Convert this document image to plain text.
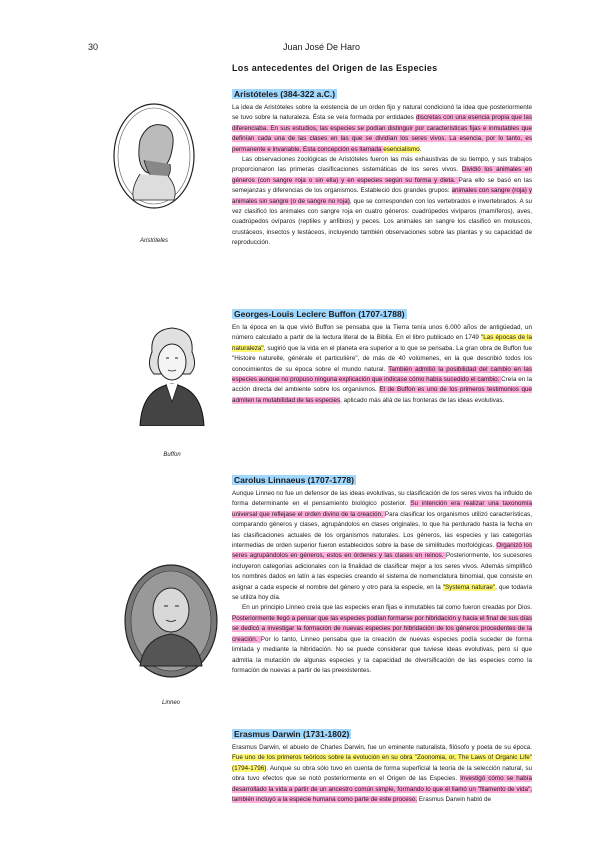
30	Juan José De Haro
Los antecedentes del Origen de las Especies
Aristóteles
Aristóteles (384-322 a.C.)

La idea de Aristóteles sobre la existencia de un orden fijo y natural condicionó la idea que posteriormente se tuvo sobre la naturaleza. Ésta se veía formada por entidades discretas con una esencia propia que las diferenciaba. En sus estudios, las especies se podían distinguir por características fijas e inmutables que definían cada una de las clases en las que se dividían los seres vivos. La esencia, por lo tanto, es permanente e invariable. Esta concepción es llamada esencialismo.

Las observaciones zoológicas de Aristóteles fueron las más exhaustivas de su tiempo, y sus trabajos proporcionaron las primeras clasificaciones sistemáticas de los seres vivos. Dividió los animales en géneros (con sangre roja o sin ella) y en especies según su forma y dieta. Para ello se basó en las semejanzas y diferencias de los organismos. Estableció dos grandes grupos: animales con sangre (roja) y animales sin sangre (o de sangre no roja), que se corresponden con los vertebrados e invertebrados. A su vez clasificó los animales con sangre roja en cuatro géneros: cuadrúpedos vivíparos (mamíferos), aves, cuadrúpedos ovíparos (reptiles y anfibios) y peces. Los animales sin sangre los clasificó en moluscos, crustáceos, insectos y testáceos, incluyendo también observaciones sobre las plantas y su capacidad de reproducción.

Buffon
Georges-Louis Leclerc Buffon (1707-1788)

En la época en la que vivió Buffon se pensaba que la Tierra tenía unos 6.000 años de antigüedad, un número calculado a partir de la lectura literal de la Biblia. En el libro publicado en 1749 "Las épocas de la naturaleza", sugirió que la vida en el planeta era superior a lo que se pensaba. La gran obra de Buffon fue "Histoire naturelle, générale et particulière", de más de 40 volúmenes, en la que describió todos los conocimientos de su época sobre el mundo natural. También admitió la posibilidad del cambio en las especies aunque no propuso ninguna explicación que indicase cómo había sucedido el cambio. Creía en la acción directa del ambiente sobre los organismos. El de Buffon es uno de los primeros testimonios que admiten la mutabilidad de las especies, aplicado más allá de las fronteras de las ideas evolutivas.

Linneo
Carolus Linnaeus (1707-1778)

Aunque Linneo no fue un defensor de las ideas evolutivas, su clasificación de los seres vivos ha influido de forma determinante en el pensamiento biológico posterior. Su intención era realizar una taxonomía universal que reflejase el orden divino de la creación. Para clasificar los organismos utilizó características, comparando géneros y clases, agrupándolos en clases originales, lo que ha perdurado hasta la fecha en las clasificaciones actuales de los organismos naturales. Los géneros, las especies y las categorías intermedias de orden superior fueron establecidos sobre la base de similitudes morfológicas. Organizó los seres agrupándolos en géneros, estos en órdenes y las clases en reinos. Posteriormente, los sucesores incluyeron categorías adicionales con la finalidad de clasificar mejor a los seres vivos. Además simplificó los nombres dados en latín a las especies creando el sistema de nomenclatura binomial, que consiste en asignar a cada especie el nombre del género y otro para la especie, en la "Systema naturae", que todavía se utiliza hoy día.

En un principio Linneo creía que las especies eran fijas e inmutables tal como fueron creadas por Dios. Posteriormente llegó a pensar que las especies podían formarse por hibridación y hacia el final de sus días se dedicó a investigar la formación de nuevas especies por hibridación de los géneros procedentes de la creación. Por lo tanto, Linneo pensaba que la creación de nuevas especies podía suceder de forma limitada y mediante la hibridación. No se puede considerar que tuviese ideas evolutivas, pero sí que admitía la mutación de algunas especies y la capacidad de diversificación de las especies como la formación de nuevas a partir de las preexistentes.

Erasmus Darwin (1731-1802)

Erasmus Darwin, el abuelo de Charles Darwin, fue un eminente naturalista, filósofo y poeta de su época. Fue uno de los primeros teóricos sobre la evolución en su obra "Zoonomia, or, The Laws of Organic Life" (1794-1796). Aunque su obra sólo tuvo en cuenta de forma superficial la teoría de la selección natural, su obra tuvo efectos que se notó posteriormente en el Origen de las Especies. Investigó cómo se había desarrollado la vida a partir de un ancestro común simple, formando lo que él llamó un "filamento de vida", también incluyó a la especie humana como parte de este proceso. Erasmus Darwin habló de
